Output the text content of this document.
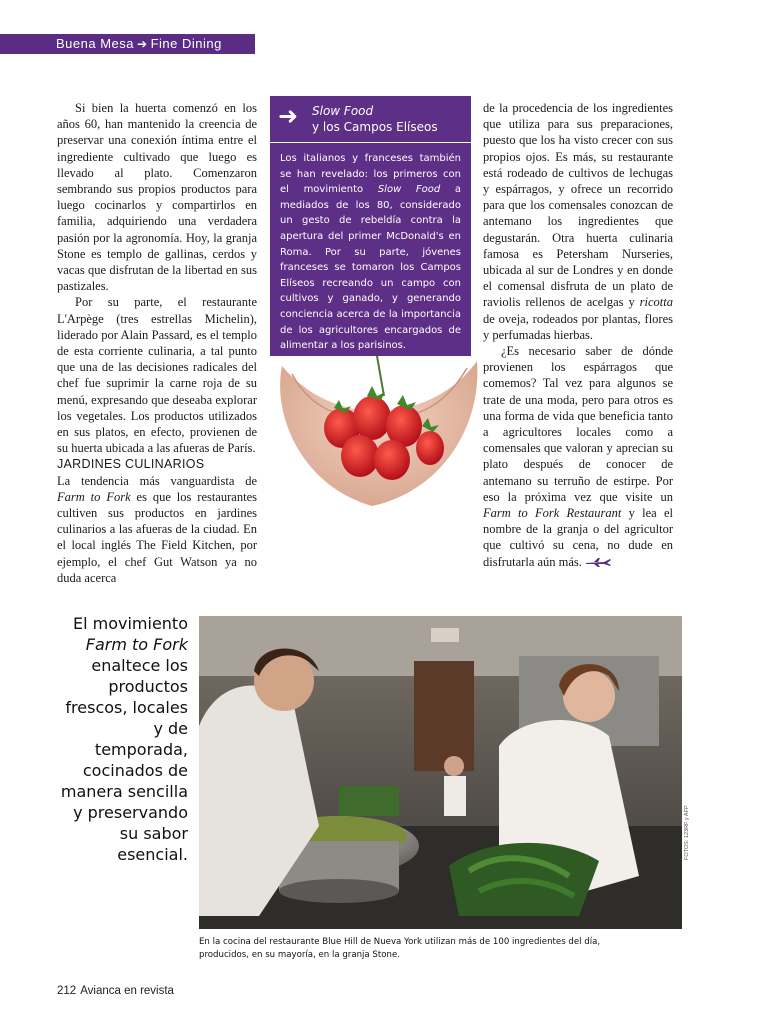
Buena Mesa ➔ Fine Dining

Si bien la huerta comenzó en los años 60, han mantenido la creencia de preservar una conexión íntima entre el ingrediente cultivado que luego es llevado al plato. Comenzaron sembrando sus propios productos para luego cocinarlos y compartirlos en familia, adquiriendo una verdadera pasión por la agronomía. Hoy, la granja Stone es templo de gallinas, cerdos y vacas que disfrutan de la libertad en sus pastizales.

Por su parte, el restaurante L'Arpège (tres estrellas Michelin), liderado por Alain Passard, es el templo de esta corriente culinaria, a tal punto que una de las decisiones radicales del chef fue suprimir la carne roja de su menú, expresando que deseaba explorar los vegetales. Los productos utilizados en sus platos, en efecto, provienen de su huerta ubicada a las afueras de París.

JARDINES CULINARIOS

La tendencia más vanguardista de Farm to Fork es que los restaurantes cultiven sus productos en jardines culinarios a las afueras de la ciudad. En el local inglés The Field Kitchen, por ejemplo, el chef Gut Watson ya no duda acerca

➜ Slow Food
y los Campos Elíseos
Los italianos y franceses también se han revelado: los primeros con el movimiento Slow Food a mediados de los 80, considerado un gesto de rebeldía contra la apertura del primer McDonald's en Roma. Por su parte, jóvenes franceses se tomaron los Campos Elíseos recreando un campo con cultivos y ganado, y generando conciencia acerca de la importancia de los agricultores encargados de alimentar a los parisinos.

de la procedencia de los ingredientes que utiliza para sus preparaciones, puesto que los ha visto crecer con sus propios ojos. Es más, su restaurante está rodeado de cultivos de lechugas y espárragos, y ofrece un recorrido para que los comensales conozcan de antemano los ingredientes que degustarán. Otra huerta culinaria famosa es Petersham Nurseries, ubicada al sur de Londres y en donde el comensal disfruta de un plato de raviolis rellenos de acelgas y ricotta de oveja, rodeados por plantas, flores y perfumadas hierbas.

¿Es necesario saber de dónde provienen los espárragos que comemos? Tal vez para algunos se trate de una moda, pero para otros es una forma de vida que beneficia tanto a agricultores locales como a comensales que valoran y aprecian su plato después de conocer de antemano su terruño de estirpe. Por eso la próxima vez que visite un Farm to Fork Restaurant y lea el nombre de la granja o del agricultor que cultivó su cena, no dude en disfrutarla aún más.

El movimiento
Farm to Fork
enaltece los productos frescos, locales y de temporada, cocinados de manera sencilla y preservando su sabor esencial.	FOTOS: 123RF y AFP
En la cocina del restaurante Blue Hill de Nueva York utilizan más de 100 ingredientes del día, producidos, en su mayoría, en la granja Stone.
212 Avianca en revista
